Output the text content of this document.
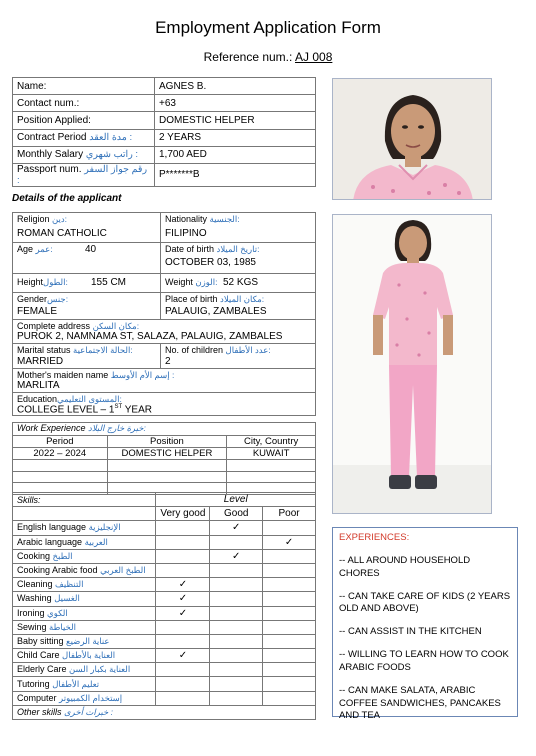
Employment Application Form
Reference num.: AJ 008
Name:	AGNES B.
Contact num.:	+63
Position Applied:	DOMESTIC HELPER
Contract Period مدة العقد :	2 YEARS
Monthly Salary راتب شهري :	1,700 AED
Passport num. رقم جواز السفر :	P*******B
Details of the applicant
Religion دين:
ROMAN CATHOLIC
Nationality الجنسية:
FILIPINO
Age عمر:	40	Date of birth تاريخ الميلاد:
OCTOBER 03, 1985
Heightالطول: 155 CM	Weight الوزن: 52 KGS
Genderجنس:
FEMALE
Place of birth مكان الميلاد:
PALAUIG, ZAMBALES
Complete address مكان السكن:
PUROK 2, NAMNAMA ST, SALAZA, PALAUIG, ZAMBALES
Marital status الحالة الاجتماعية:
MARRIED
No. of children عدد الأطفال:
2
Mother's maiden name إسم الأم الأوسط :
MARLITA
Educationالمستوى التعليمي:
COLLEGE LEVEL – 1ST YEAR
Work Experience خبرة خارج البلاد:
Period	Position	City, Country
2022 – 2024	DOMESTIC HELPER	KUWAIT

Skills:	Level		
	Very good	Good	Poor
English language الإنجليزية		✓	
Arabic language العربية			✓
Cooking الطبخ		✓	
Cooking Arabic food الطبخ العربي			
Cleaning التنظيف	✓		
Washing الغسيل	✓		
Ironing الكوي	✓		
Sewing الخياطة			
Baby sitting عناية الرضيع			
Child Care العناية بالأطفال	✓		
Elderly Care العناية بكبار السن			
Tutoring تعليم الأطفال			
Computer إستخدام الكمبيوتر			
Other skills خبرات أخرى :			
EXPERIENCES:
-- ALL AROUND HOUSEHOLD CHORES
-- CAN TAKE CARE OF KIDS (2 YEARS OLD AND ABOVE)
-- CAN ASSIST IN THE KITCHEN
-- WILLING TO LEARN HOW TO COOK ARABIC FOODS
-- CAN MAKE SALATA, ARABIC COFFEE SANDWICHES, PANCAKES AND TEA
